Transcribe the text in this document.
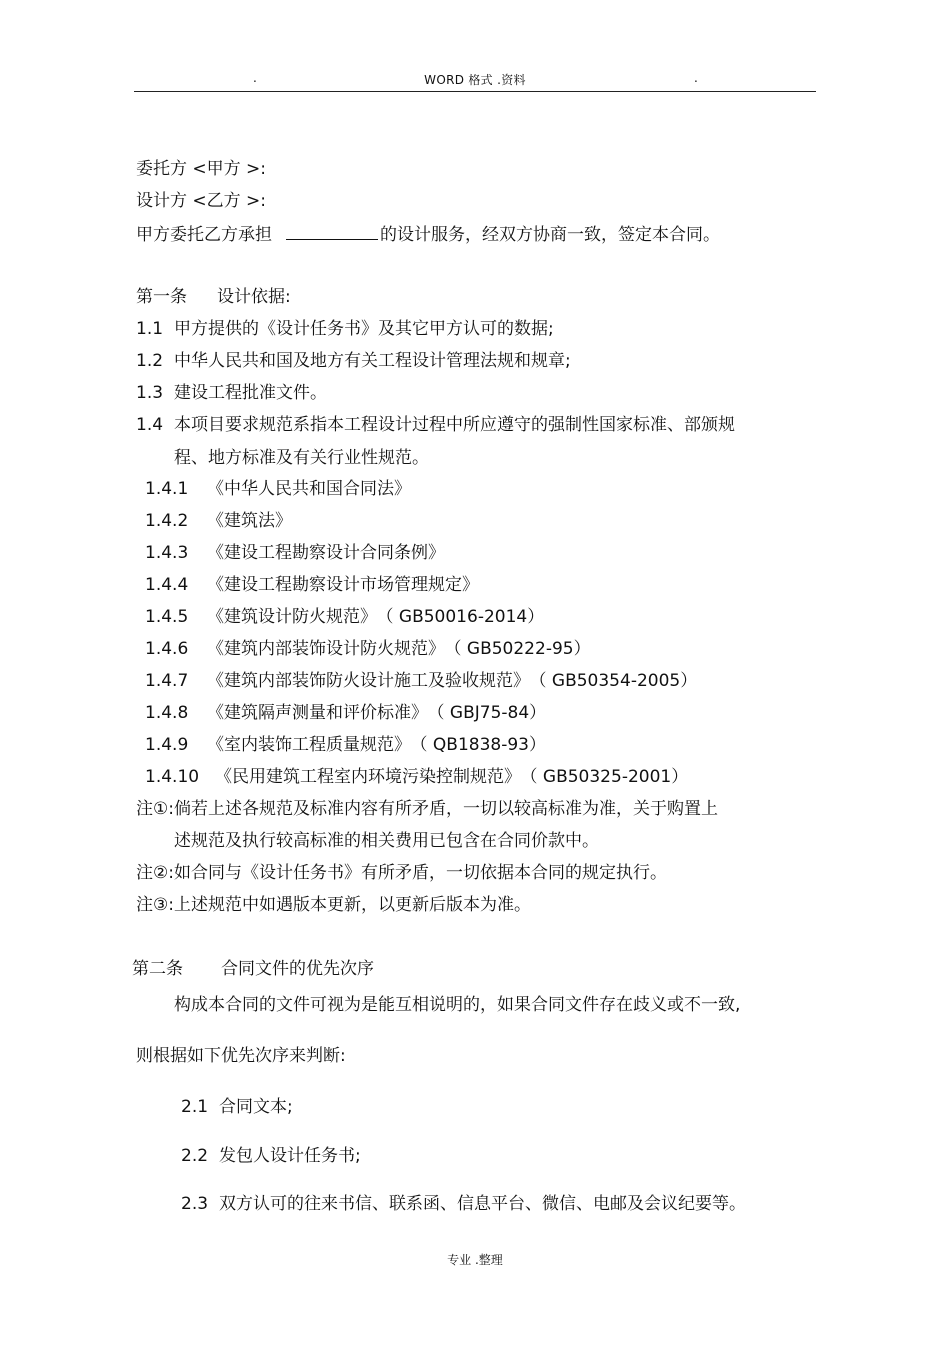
.	WORD 格式 .资料	.
委托方 <甲方 >:
设计方 <乙方 >:
甲方委托乙方承担	的设计服务，经双方协商一致，签定本合同。
第一条 设计依据:
1.1 甲方提供的《设计任务书》及其它甲方认可的数据;
1.2 中华人民共和国及地方有关工程设计管理法规和规章;
1.3 建设工程批准文件。
1.4 本项目要求规范系指本工程设计过程中所应遵守的强制性国家标准、部颁规
程、地方标准及有关行业性规范。
1.4.1 《中华人民共和国合同法》
1.4.2 《建筑法》
1.4.3 《建设工程勘察设计合同条例》
1.4.4 《建设工程勘察设计市场管理规定》
1.4.5 《建筑设计防火规范》 （ GB50016-2014）
1.4.6 《建筑内部装饰设计防火规范》 （ GB50222-95）
1.4.7 《建筑内部装饰防火设计施工及验收规范》 （ GB50354-2005）
1.4.8 《建筑隔声测量和评价标准》 （ GBJ75-84）
1.4.9 《室内装饰工程质量规范》 （ QB1838-93）
1.4.10 《民用建筑工程室内环境污染控制规范》 （ GB50325-2001）
注①:倘若上述各规范及标准内容有所矛盾，一切以较高标准为准，关于购置上
述规范及执行较高标准的相关费用已包含在合同价款中。
注②:如合同与《设计任务书》有所矛盾，一切依据本合同的规定执行。
注③:上述规范中如遇版本更新，以更新后版本为准。
第二条 合同文件的优先次序
构成本合同的文件可视为是能互相说明的，如果合同文件存在歧义或不一致,
则根据如下优先次序来判断:
2.1 合同文本;
2.2 发包人设计任务书;
2.3 双方认可的往来书信、联系函、信息平台、微信、电邮及会议纪要等。
专业 .整理
